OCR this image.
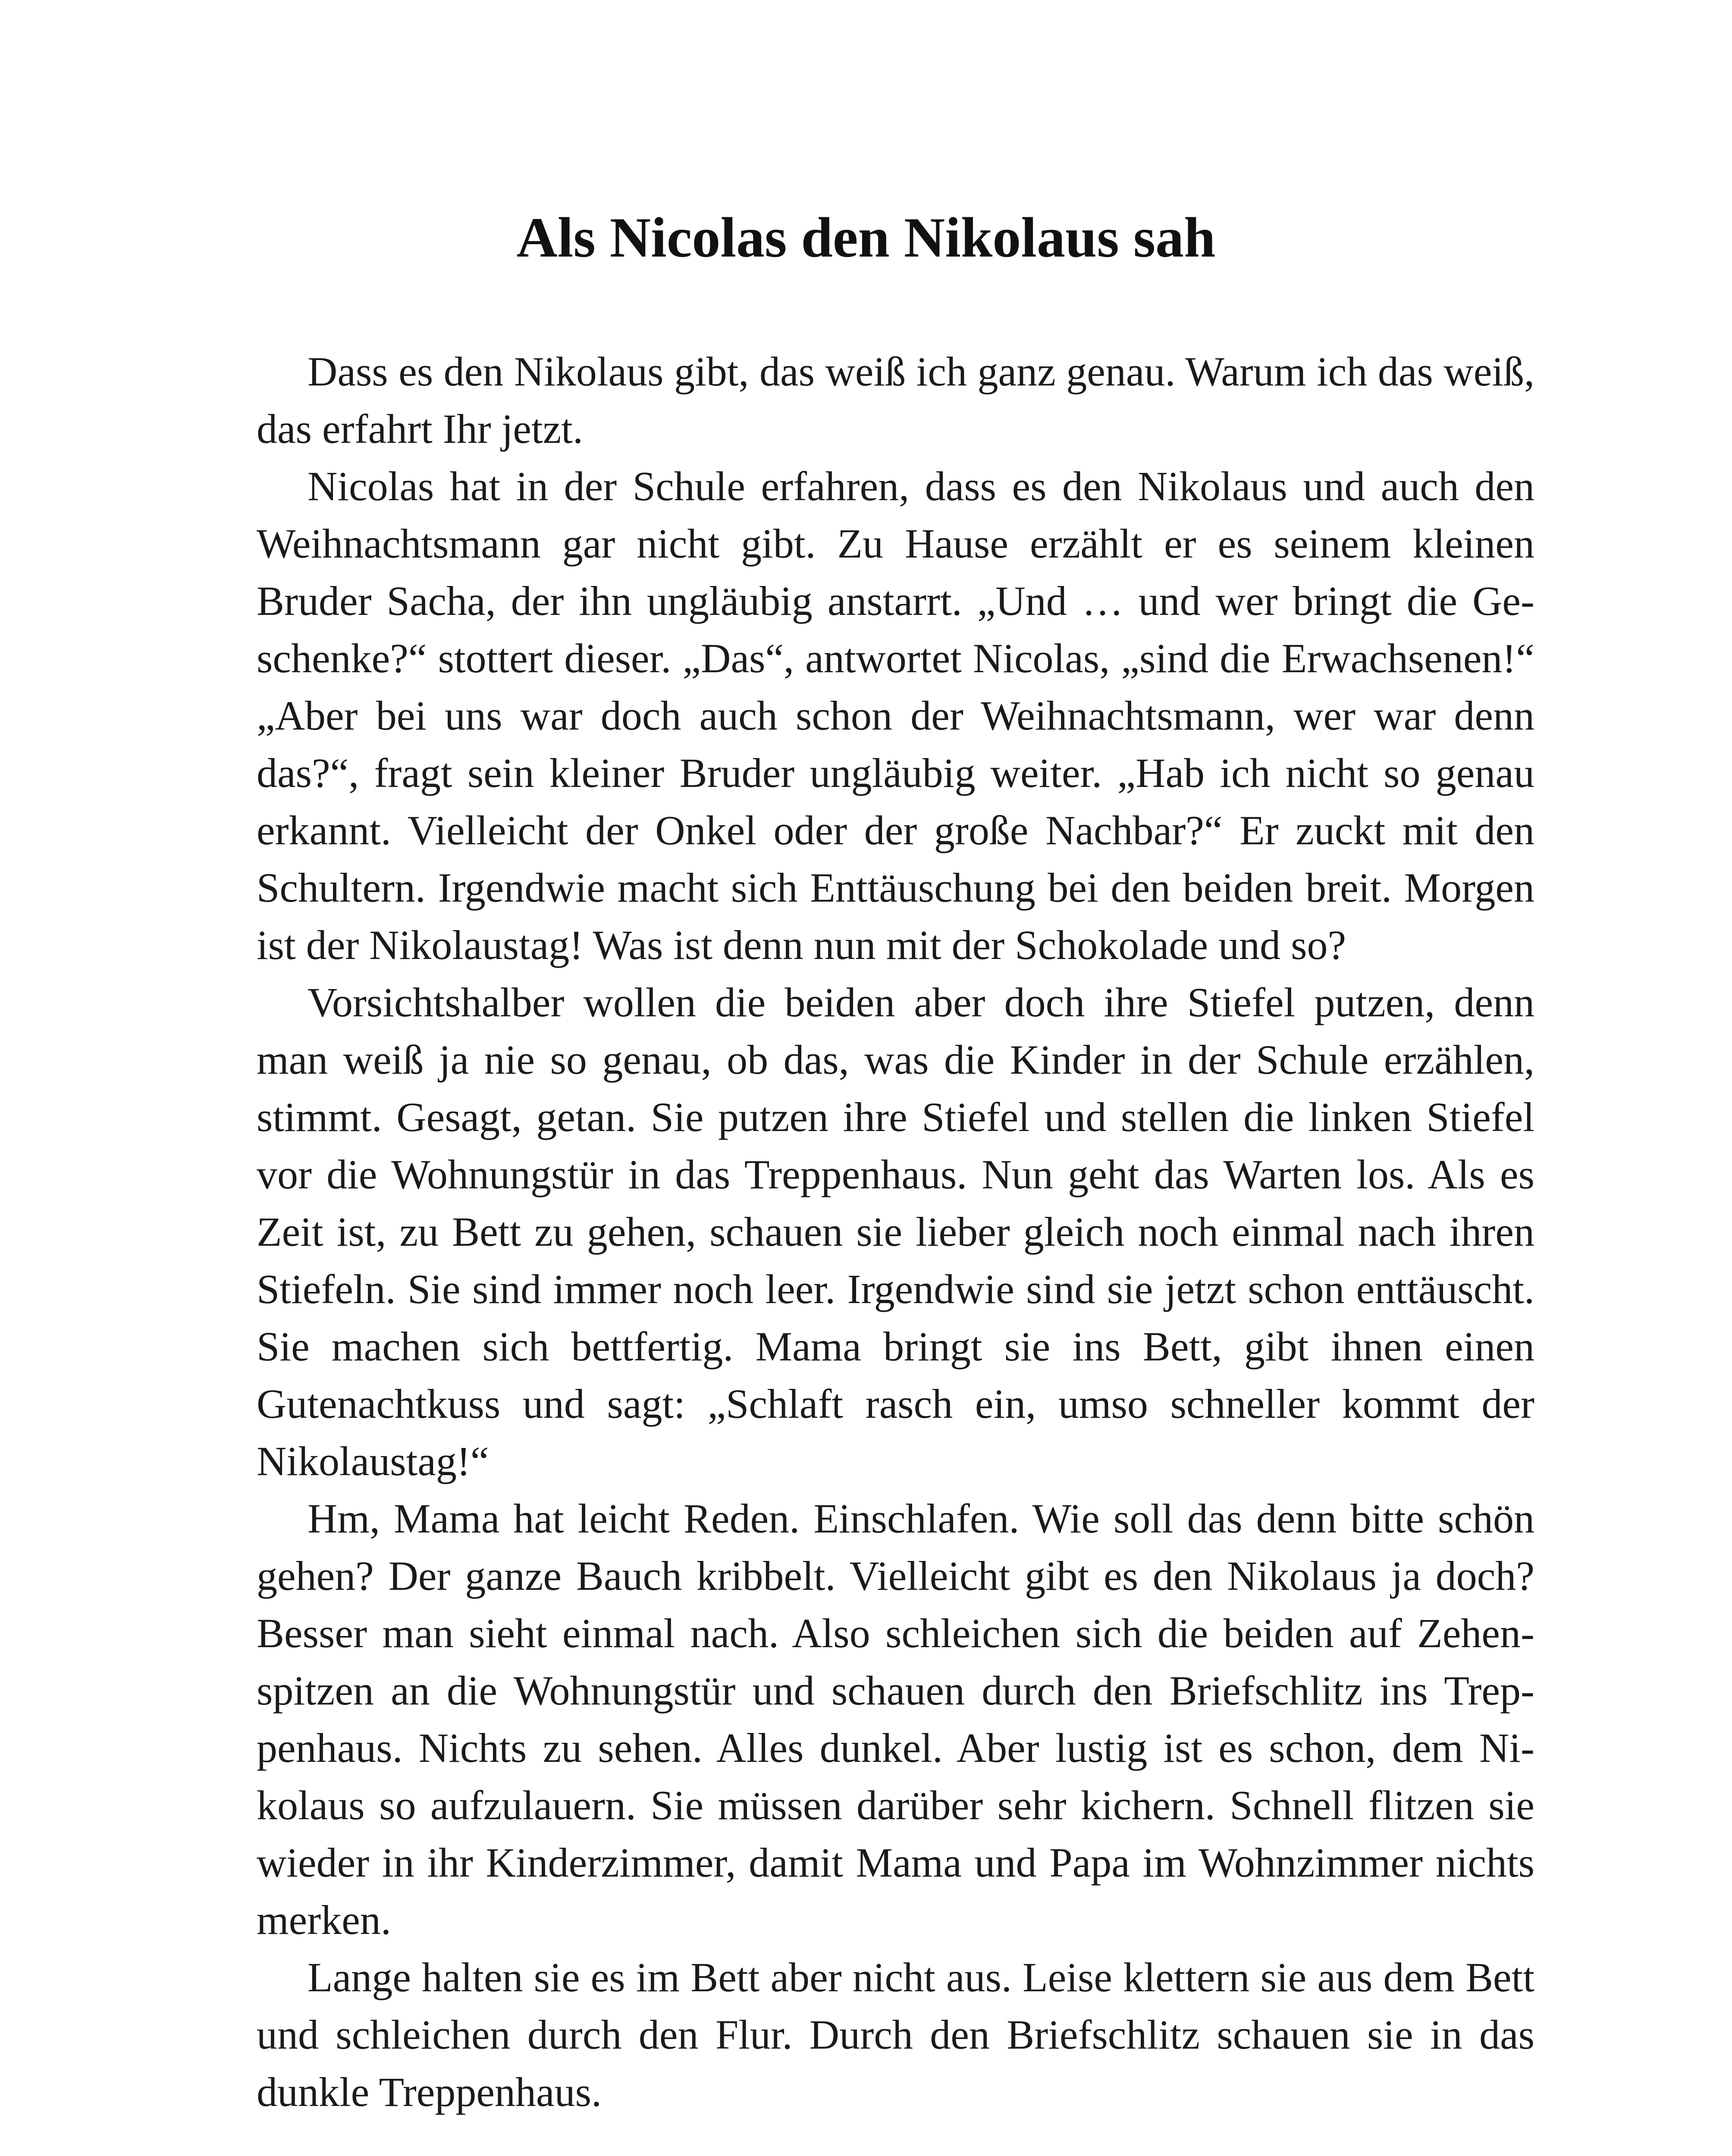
Als Nicolas den Nikolaus sah

Dass es den Nikolaus gibt, das weiß ich ganz genau. Warum ich das weiß, das erfahrt Ihr jetzt.

Nicolas hat in der Schule erfahren, dass es den Nikolaus und auch den Weihnachtsmann gar nicht gibt. Zu Hause erzählt er es seinem kleinen Bruder Sacha, der ihn ungläubig anstarrt. „Und … und wer bringt die Geschenke?“ stottert dieser. „Das“, antwortet Nicolas, „sind die Erwachsenen!“ „Aber bei uns war doch auch schon der Weihnachtsmann, wer war denn das?“, fragt sein kleiner Bruder ungläubig weiter. „Hab ich nicht so genau erkannt. Vielleicht der Onkel oder der große Nachbar?“ Er zuckt mit den Schultern. Irgendwie macht sich Enttäuschung bei den beiden breit. Morgen ist der Nikolaustag! Was ist denn nun mit der Schokolade und so?

Vorsichtshalber wollen die beiden aber doch ihre Stiefel putzen, denn man weiß ja nie so genau, ob das, was die Kinder in der Schule erzählen, stimmt. Gesagt, getan. Sie putzen ihre Stiefel und stellen die linken Stiefel vor die Wohnungstür in das Treppenhaus. Nun geht das Warten los. Als es Zeit ist, zu Bett zu gehen, schauen sie lieber gleich noch einmal nach ihren Stiefeln. Sie sind immer noch leer. Irgendwie sind sie jetzt schon enttäuscht. Sie machen sich bettfertig. Mama bringt sie ins Bett, gibt ihnen einen Gutenachtkuss und sagt: „Schlaft rasch ein, umso schneller kommt der Nikolaustag!“

Hm, Mama hat leicht Reden. Einschlafen. Wie soll das denn bitte schön gehen? Der ganze Bauch kribbelt. Vielleicht gibt es den Nikolaus ja doch? Besser man sieht einmal nach. Also schleichen sich die beiden auf Zehenspitzen an die Wohnungstür und schauen durch den Briefschlitz ins Treppenhaus. Nichts zu sehen. Alles dunkel. Aber lustig ist es schon, dem Nikolaus so aufzulauern. Sie müssen darüber sehr kichern. Schnell flitzen sie wieder in ihr Kinderzimmer, damit Mama und Papa im Wohnzimmer nichts merken.

Lange halten sie es im Bett aber nicht aus. Leise klettern sie aus dem Bett und schleichen durch den Flur. Durch den Briefschlitz schauen sie in das dunkle Treppenhaus.
